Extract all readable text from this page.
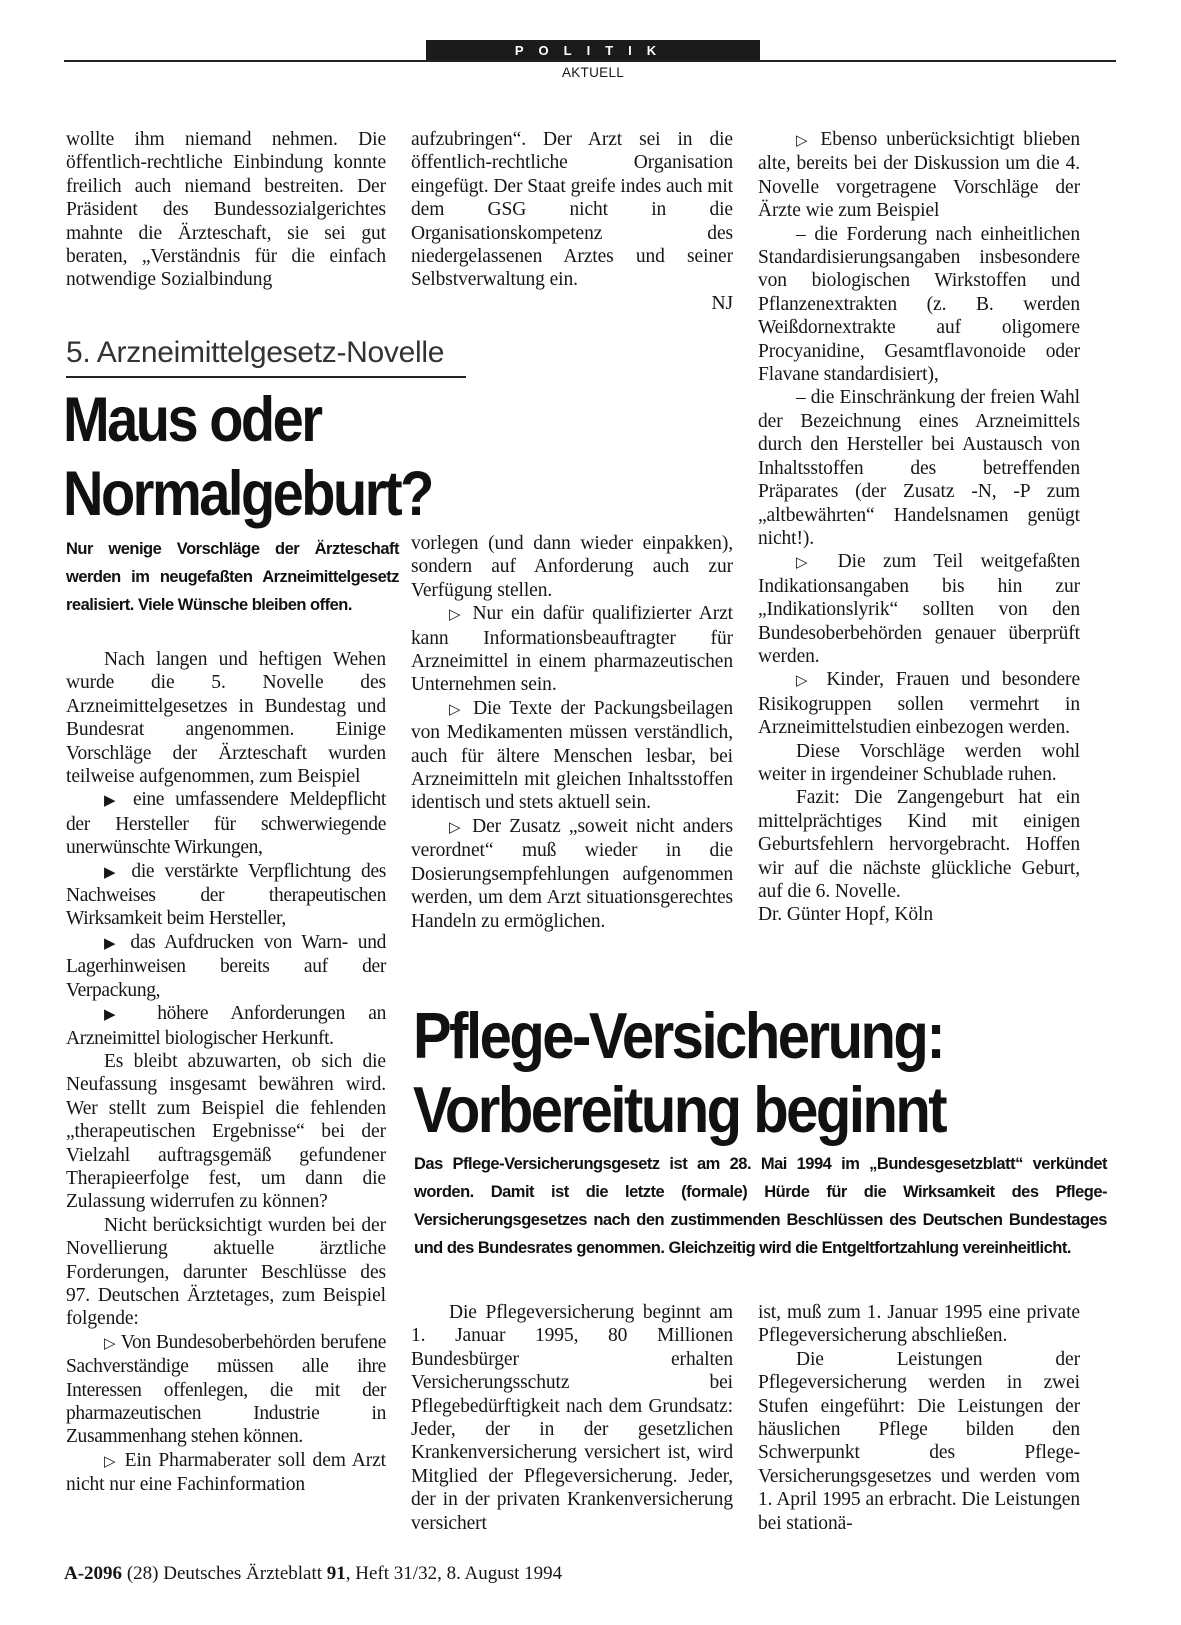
POLITIK
AKTUELL

wollte ihm niemand nehmen. Die öffentlich-rechtliche Einbindung konnte freilich auch niemand bestreiten. Der Präsident des Bundessozialgerichtes mahnte die Ärzteschaft, sie sei gut beraten, „Verständnis für die einfach notwendige Sozialbindung

aufzubringen“. Der Arzt sei in die öffentlich-rechtliche Organisation eingefügt. Der Staat greife indes auch mit dem GSG nicht in die Organisationskompetenz des niedergelassenen Arztes und seiner Selbstverwaltung ein.

NJ

5. Arzneimittelgesetz-Novelle
Maus oder
Normalgeburt?

Nur wenige Vorschläge der Ärzteschaft werden im neugefaßten Arzneimittelgesetz realisiert. Viele Wünsche bleiben offen.

Nach langen und heftigen Wehen wurde die 5. Novelle des Arzneimittelgesetzes in Bundestag und Bundesrat angenommen. Einige Vorschläge der Ärzteschaft wurden teilweise aufgenommen, zum Beispiel

▶ eine umfassendere Meldepflicht der Hersteller für schwerwiegende unerwünschte Wirkungen,

▶ die verstärkte Verpflichtung des Nachweises der therapeutischen Wirksamkeit beim Hersteller,

▶ das Aufdrucken von Warn- und Lagerhinweisen bereits auf der Verpackung,

▶ höhere Anforderungen an Arzneimittel biologischer Herkunft.

Es bleibt abzuwarten, ob sich die Neufassung insgesamt bewähren wird. Wer stellt zum Beispiel die fehlenden „therapeutischen Ergebnisse“ bei der Vielzahl auftragsgemäß gefundener Therapieerfolge fest, um dann die Zulassung widerrufen zu können?

Nicht berücksichtigt wurden bei der Novellierung aktuelle ärztliche Forderungen, darunter Beschlüsse des 97. Deutschen Ärztetages, zum Beispiel folgende:

▷ Von Bundesoberbehörden berufene Sachverständige müssen alle ihre Interessen offenlegen, die mit der pharmazeutischen Industrie in Zusammenhang stehen können.

▷ Ein Pharmaberater soll dem Arzt nicht nur eine Fachinformation

vorlegen (und dann wieder einpakken), sondern auf Anforderung auch zur Verfügung stellen.

▷ Nur ein dafür qualifizierter Arzt kann Informationsbeauftragter für Arzneimittel in einem pharmazeutischen Unternehmen sein.

▷ Die Texte der Packungsbeilagen von Medikamenten müssen verständlich, auch für ältere Menschen lesbar, bei Arzneimitteln mit gleichen Inhaltsstoffen identisch und stets aktuell sein.

▷ Der Zusatz „soweit nicht anders verordnet“ muß wieder in die Dosierungsempfehlungen aufgenommen werden, um dem Arzt situationsgerechtes Handeln zu ermöglichen.

▷ Ebenso unberücksichtigt blieben alte, bereits bei der Diskussion um die 4. Novelle vorgetragene Vorschläge der Ärzte wie zum Beispiel

– die Forderung nach einheitlichen Standardisierungsangaben insbesondere von biologischen Wirkstoffen und Pflanzenextrakten (z. B. werden Weißdornextrakte auf oligomere Procyanidine, Gesamtflavonoide oder Flavane standardisiert),

– die Einschränkung der freien Wahl der Bezeichnung eines Arzneimittels durch den Hersteller bei Austausch von Inhaltsstoffen des betreffenden Präparates (der Zusatz -N, -P zum „altbewährten“ Handelsnamen genügt nicht!).

▷ Die zum Teil weitgefaßten Indikationsangaben bis hin zur „Indikationslyrik“ sollten von den Bundesoberbehörden genauer überprüft werden.

▷ Kinder, Frauen und besondere Risikogruppen sollen vermehrt in Arzneimittelstudien einbezogen werden.

Diese Vorschläge werden wohl weiter in irgendeiner Schublade ruhen.

Fazit: Die Zangengeburt hat ein mittelprächtiges Kind mit einigen Geburtsfehlern hervorgebracht. Hoffen wir auf die nächste glückliche Geburt, auf die 6. Novelle.

Dr. Günter Hopf, Köln

Pflege-Versicherung:
Vorbereitung beginnt

Das Pflege-Versicherungsgesetz ist am 28. Mai 1994 im „Bundesgesetzblatt“ verkündet worden. Damit ist die letzte (formale) Hürde für die Wirksamkeit des Pflege-Versicherungsgesetzes nach den zustimmenden Beschlüssen des Deutschen Bundestages und des Bundesrates genommen. Gleichzeitig wird die Entgeltfortzahlung vereinheitlicht.

Die Pflegeversicherung beginnt am 1. Januar 1995, 80 Millionen Bundesbürger erhalten Versicherungsschutz bei Pflegebedürftigkeit nach dem Grundsatz: Jeder, der in der gesetzlichen Krankenversicherung versichert ist, wird Mitglied der Pflegeversicherung. Jeder, der in der privaten Krankenversicherung versichert

ist, muß zum 1. Januar 1995 eine private Pflegeversicherung abschließen.

Die Leistungen der Pflegeversicherung werden in zwei Stufen eingeführt: Die Leistungen der häuslichen Pflege bilden den Schwerpunkt des Pflege-Versicherungsgesetzes und werden vom 1. April 1995 an erbracht. Die Leistungen bei stationä-

A-2096 (28) Deutsches Ärzteblatt 91, Heft 31/32, 8. August 1994
